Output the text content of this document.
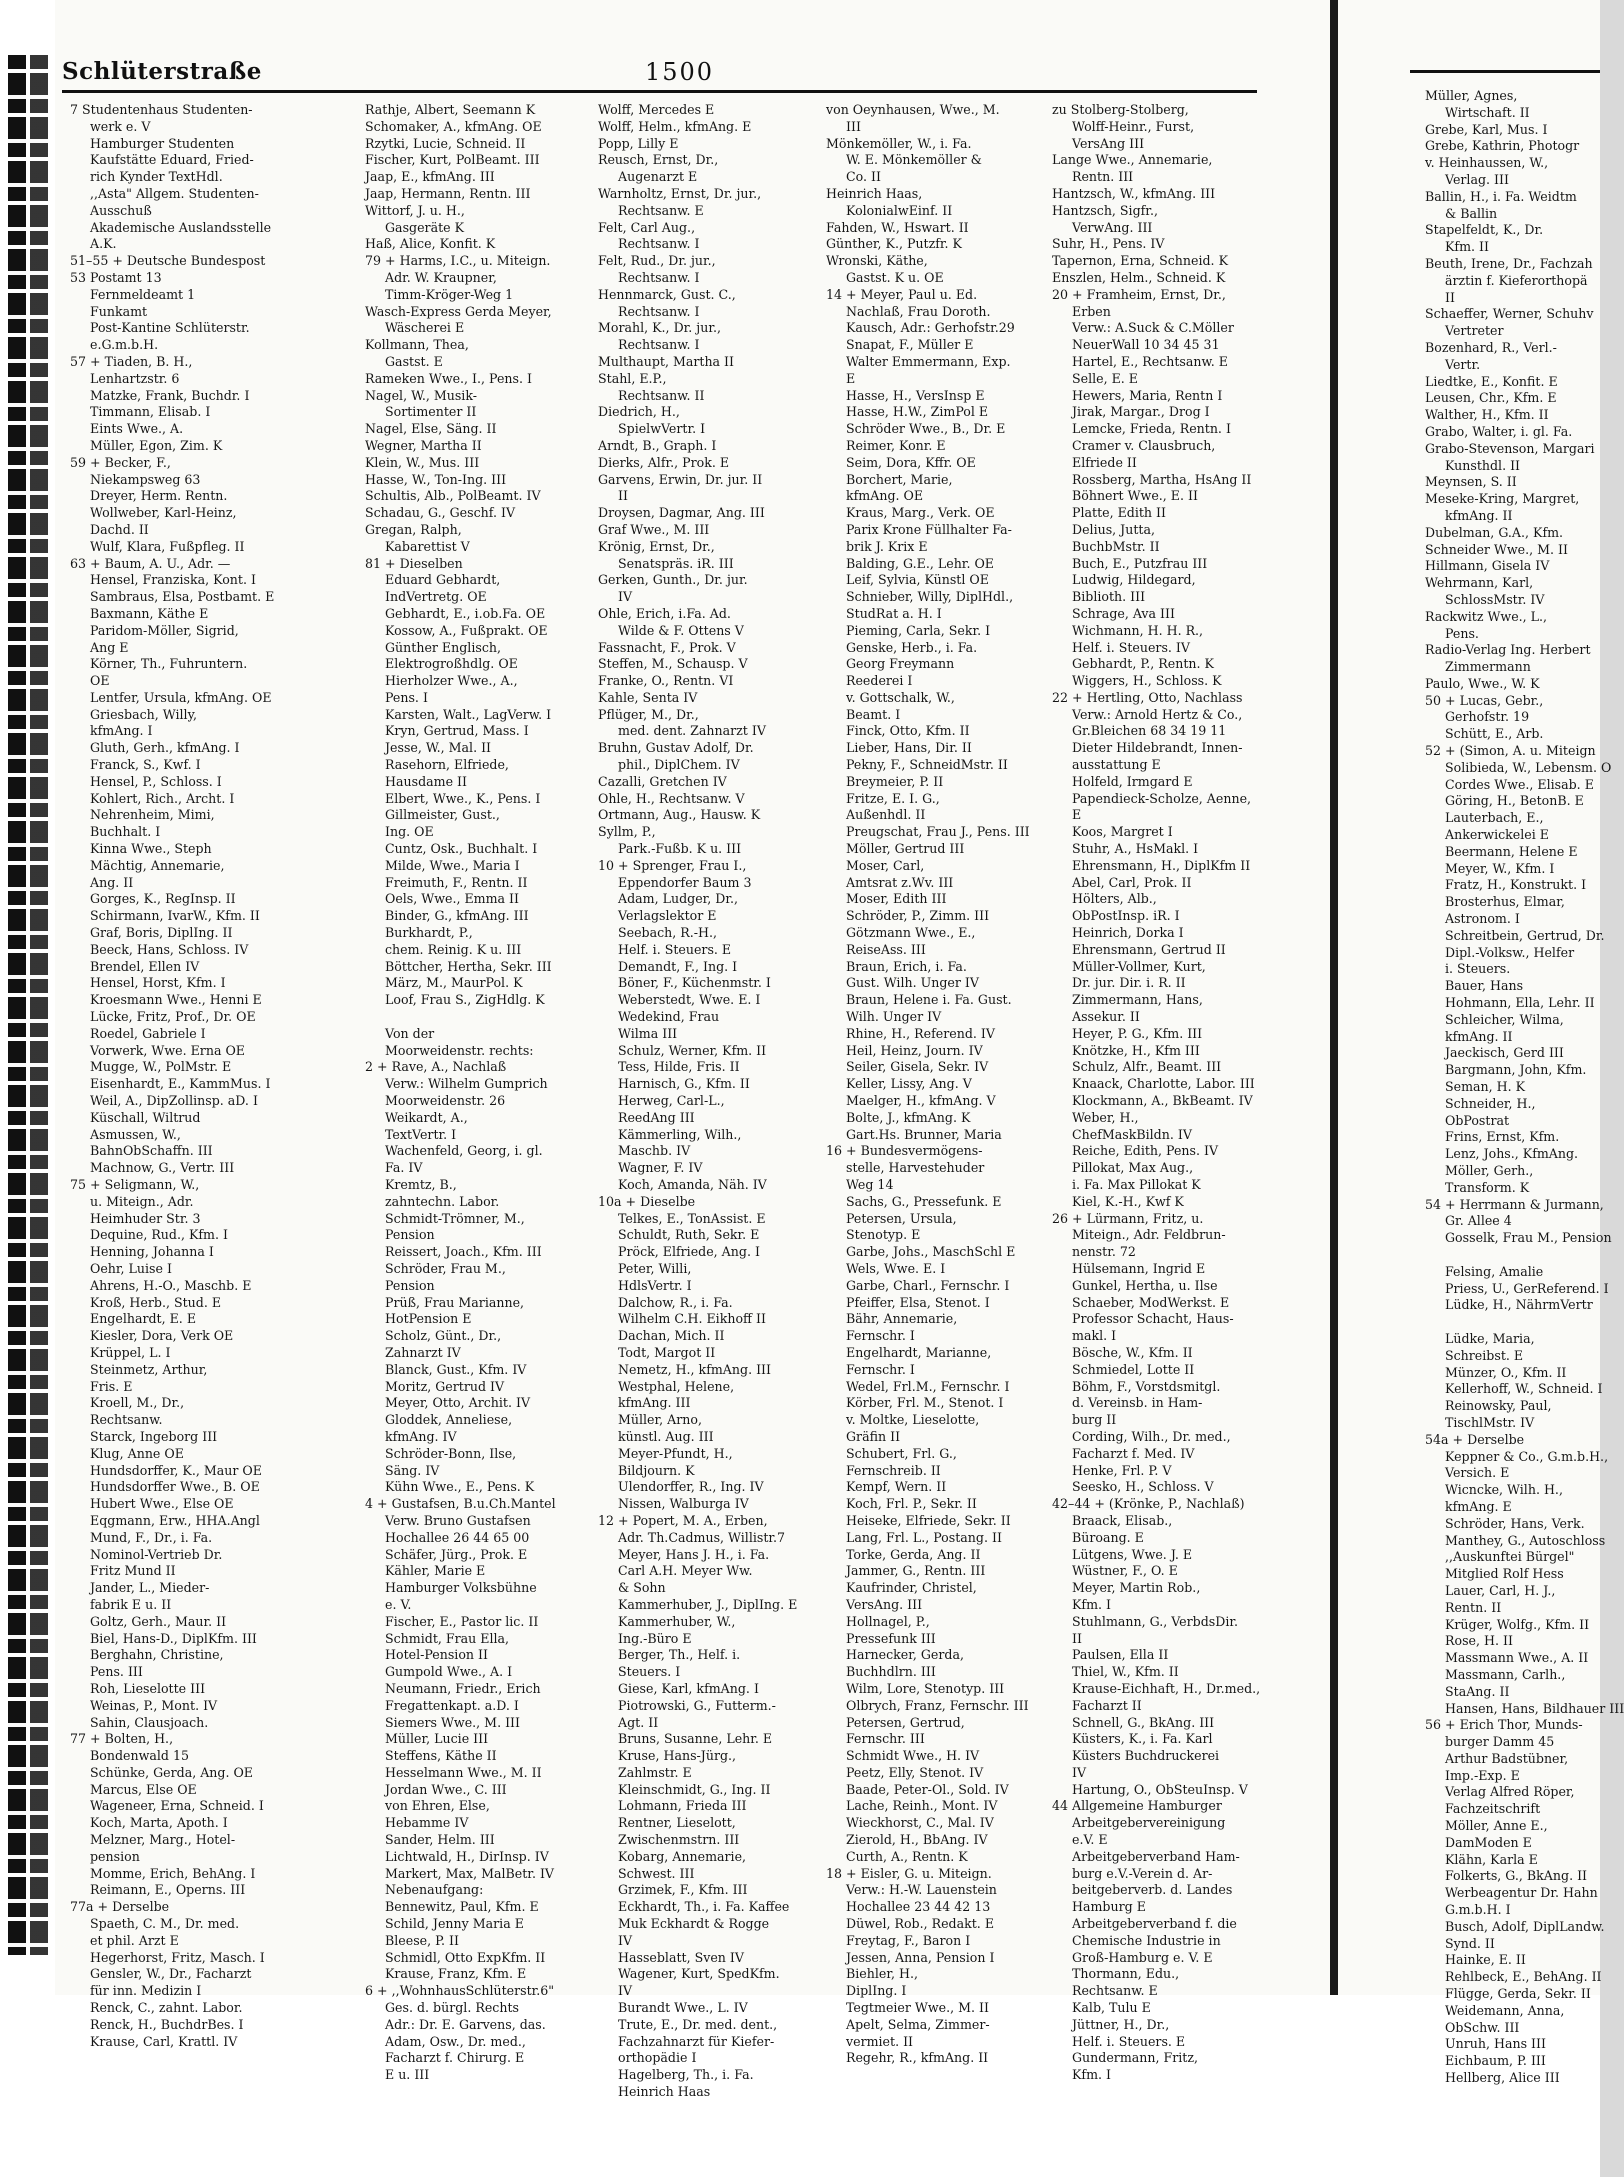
Schlüterstraße	1500
7 Studentenhaus Studenten-
werk e. V
Hamburger Studenten
Kaufstätte Eduard, Fried-
rich Kynder TextHdl.
,,Asta" Allgem. Studenten-
Ausschuß
Akademische Auslandsstelle
A.K.
51–55 + Deutsche Bundespost
53 Postamt 13
Fernmeldeamt 1
Funkamt
Post-Kantine Schlüterstr.
e.G.m.b.H.
57 + Tiaden, B. H.,
Lenhartzstr. 6
Matzke, Frank, Buchdr. I
Timmann, Elisab. I
Eints Wwe., A.
Müller, Egon, Zim. K
59 + Becker, F.,
Niekampsweg 63
Dreyer, Herm. Rentn.
Wollweber, Karl-Heinz,
Dachd. II
Wulf, Klara, Fußpfleg. II
63 + Baum, A. U., Adr. —
Hensel, Franziska, Kont. I
Sambraus, Elsa, Postbamt. E
Baxmann, Käthe E
Paridom-Möller, Sigrid,
Ang E
Körner, Th., Fuhruntern.
OE
Lentfer, Ursula, kfmAng. OE
Griesbach, Willy,
kfmAng. I
Gluth, Gerh., kfmAng. I
Franck, S., Kwf. I
Hensel, P., Schloss. I
Kohlert, Rich., Archt. I
Nehrenheim, Mimi,
Buchhalt. I
Kinna Wwe., Steph
Mächtig, Annemarie,
Ang. II
Gorges, K., RegInsp. II
Schirmann, IvarW., Kfm. II
Graf, Boris, DiplIng. II
Beeck, Hans, Schloss. IV
Brendel, Ellen IV
Hensel, Horst, Kfm. I
Kroesmann Wwe., Henni E
Lücke, Fritz, Prof., Dr. OE
Roedel, Gabriele I
Vorwerk, Wwe. Erna OE
Mugge, W., PolMstr. E
Eisenhardt, E., KammMus. I
Weil, A., DipZollinsp. aD. I
Küschall, Wiltrud
Asmussen, W.,
BahnObSchaffn. III
Machnow, G., Vertr. III
75 + Seligmann, W.,
u. Miteign., Adr.
Heimhuder Str. 3
Dequine, Rud., Kfm. I
Henning, Johanna I
Oehr, Luise I
Ahrens, H.-O., Maschb. E
Kroß, Herb., Stud. E
Engelhardt, E. E
Kiesler, Dora, Verk OE
Krüppel, L. I
Steinmetz, Arthur,
Fris. E
Kroell, M., Dr.,
Rechtsanw.
Starck, Ingeborg III
Klug, Anne OE
Hundsdorffer, K., Maur OE
Hundsdorffer Wwe., B. OE
Hubert Wwe., Else OE
Eqgmann, Erw., HHA.Angl
Mund, F., Dr., i. Fa.
Nominol-Vertrieb Dr.
Fritz Mund II
Jander, L., Mieder-
fabrik E u. II
Goltz, Gerh., Maur. II
Biel, Hans-D., DiplKfm. III
Berghahn, Christine,
Pens. III
Roh, Lieselotte III
Weinas, P., Mont. IV
Sahin, Clausjoach.
77 + Bolten, H.,
Bondenwald 15
Schünke, Gerda, Ang. OE
Marcus, Else OE
Wageneer, Erna, Schneid. I
Koch, Marta, Apoth. I
Melzner, Marg., Hotel-
pension
Momme, Erich, BehAng. I
Reimann, E., Operns. III
77a + Derselbe
Spaeth, C. M., Dr. med.
et phil. Arzt E
Hegerhorst, Fritz, Masch. I
Gensler, W., Dr., Facharzt
für inn. Medizin I
Renck, C., zahnt. Labor.
Renck, H., BuchdrBes. I
Krause, Carl, Krattl. IV
Rathje, Albert, Seemann K
Schomaker, A., kfmAng. OE
Rzytki, Lucie, Schneid. II
Fischer, Kurt, PolBeamt. III
Jaap, E., kfmAng. III
Jaap, Hermann, Rentn. III
Wittorf, J. u. H.,
Gasgeräte K
Haß, Alice, Konfit. K
79 + Harms, I.C., u. Miteign.
Adr. W. Kraupner,
Timm-Kröger-Weg 1
Wasch-Express Gerda Meyer,
Wäscherei E
Kollmann, Thea,
Gastst. E
Rameken Wwe., I., Pens. I
Nagel, W., Musik-
Sortimenter II
Nagel, Else, Säng. II
Wegner, Martha II
Klein, W., Mus. III
Hasse, W., Ton-Ing. III
Schultis, Alb., PolBeamt. IV
Schadau, G., Geschf. IV
Gregan, Ralph,
Kabarettist V
81 + Dieselben
Eduard Gebhardt,
IndVertretg. OE
Gebhardt, E., i.ob.Fa. OE
Kossow, A., Fußprakt. OE
Günther Englisch,
Elektrogroßhdlg. OE
Hierholzer Wwe., A.,
Pens. I
Karsten, Walt., LagVerw. I
Kryn, Gertrud, Mass. I
Jesse, W., Mal. II
Rasehorn, Elfriede,
Hausdame II
Elbert, Wwe., K., Pens. I
Gillmeister, Gust.,
Ing. OE
Cuntz, Osk., Buchhalt. I
Milde, Wwe., Maria I
Freimuth, F., Rentn. II
Oels, Wwe., Emma II
Binder, G., kfmAng. III
Burkhardt, P.,
chem. Reinig. K u. III
Böttcher, Hertha, Sekr. III
März, M., MaurPol. K
Loof, Frau S., ZigHdlg. K

Von der
Moorweidenstr. rechts:
2 + Rave, A., Nachlaß
Verw.: Wilhelm Gumprich
Moorweidenstr. 26
Weikardt, A.,
TextVertr. I
Wachenfeld, Georg, i. gl.
Fa. IV
Kremtz, B.,
zahntechn. Labor.
Schmidt-Trömner, M.,
Pension
Reissert, Joach., Kfm. III
Schröder, Frau M.,
Pension
Prüß, Frau Marianne,
HotPension E
Scholz, Günt., Dr.,
Zahnarzt IV
Blanck, Gust., Kfm. IV
Moritz, Gertrud IV
Meyer, Otto, Archit. IV
Gloddek, Anneliese,
kfmAng. IV
Schröder-Bonn, Ilse,
Säng. IV
Kühn Wwe., E., Pens. K
4 + Gustafsen, B.u.Ch.Mantel
Verw. Bruno Gustafsen
Hochallee 26 44 65 00
Schäfer, Jürg., Prok. E
Kähler, Marie E
Hamburger Volksbühne
e. V.
Fischer, E., Pastor lic. II
Schmidt, Frau Ella,
Hotel-Pension II
Gumpold Wwe., A. I
Neumann, Friedr., Erich
Fregattenkapt. a.D. I
Siemers Wwe., M. III
Müller, Lucie III
Steffens, Käthe II
Hesselmann Wwe., M. II
Jordan Wwe., C. III
von Ehren, Else,
Hebamme IV
Sander, Helm. III
Lichtwald, H., DirInsp. IV
Markert, Max, MalBetr. IV
Nebenaufgang:
Bennewitz, Paul, Kfm. E
Schild, Jenny Maria E
Bleese, P. II
Schmidl, Otto ExpKfm. II
Krause, Franz, Kfm. E
6 + ,,WohnhausSchlüterstr.6"
Ges. d. bürgl. Rechts
Adr.: Dr. E. Garvens, das.
Adam, Osw., Dr. med.,
Facharzt f. Chirurg. E
E u. III
Wolff, Mercedes E
Wolff, Helm., kfmAng. E
Popp, Lilly E
Reusch, Ernst, Dr.,
Augenarzt E
Warnholtz, Ernst, Dr. jur.,
Rechtsanw. E
Felt, Carl Aug.,
Rechtsanw. I
Felt, Rud., Dr. jur.,
Rechtsanw. I
Hennmarck, Gust. C.,
Rechtsanw. I
Morahl, K., Dr. jur.,
Rechtsanw. I
Multhaupt, Martha II
Stahl, E.P.,
Rechtsanw. II
Diedrich, H.,
SpielwVertr. I
Arndt, B., Graph. I
Dierks, Alfr., Prok. E
Garvens, Erwin, Dr. jur. II
II
Droysen, Dagmar, Ang. III
Graf Wwe., M. III
Krönig, Ernst, Dr.,
Senatspräs. iR. III
Gerken, Gunth., Dr. jur.
IV
Ohle, Erich, i.Fa. Ad.
Wilde & F. Ottens V
Fassnacht, F., Prok. V
Steffen, M., Schausp. V
Franke, O., Rentn. VI
Kahle, Senta IV
Pflüger, M., Dr.,
med. dent. Zahnarzt IV
Bruhn, Gustav Adolf, Dr.
phil., DiplChem. IV
Cazalli, Gretchen IV
Ohle, H., Rechtsanw. V
Ortmann, Aug., Hausw. K
Syllm, P.,
Park.-Fußb. K u. III
10 + Sprenger, Frau I.,
Eppendorfer Baum 3
Adam, Ludger, Dr.,
Verlagslektor E
Seebach, R.-H.,
Helf. i. Steuers. E
Demandt, F., Ing. I
Böner, F., Küchenmstr. I
Weberstedt, Wwe. E. I
Wedekind, Frau
Wilma III
Schulz, Werner, Kfm. II
Tess, Hilde, Fris. II
Harnisch, G., Kfm. II
Herweg, Carl-L.,
ReedAng III
Kämmerling, Wilh.,
Maschb. IV
Wagner, F. IV
Koch, Amanda, Näh. IV
10a + Dieselbe
Telkes, E., TonAssist. E
Schuldt, Ruth, Sekr. E
Pröck, Elfriede, Ang. I
Peter, Willi,
HdlsVertr. I
Dalchow, R., i. Fa.
Wilhelm C.H. Eikhoff II
Dachan, Mich. II
Todt, Margot II
Nemetz, H., kfmAng. III
Westphal, Helene,
kfmAng. III
Müller, Arno,
künstl. Aug. III
Meyer-Pfundt, H.,
Bildjourn. K
Ulendorffer, R., Ing. IV
Nissen, Walburga IV
12 + Popert, M. A., Erben,
Adr. Th.Cadmus, Willistr.7
Meyer, Hans J. H., i. Fa.
Carl A.H. Meyer Ww.
& Sohn
Kammerhuber, J., DiplIng. E
Kammerhuber, W.,
Ing.-Büro E
Berger, Th., Helf. i.
Steuers. I
Giese, Karl, kfmAng. I
Piotrowski, G., Futterm.-
Agt. II
Bruns, Susanne, Lehr. E
Kruse, Hans-Jürg.,
Zahlmstr. E
Kleinschmidt, G., Ing. II
Lohmann, Frieda III
Rentner, Lieselott,
Zwischenmstrn. III
Kobarg, Annemarie,
Schwest. III
Grzimek, F., Kfm. III
Eckhardt, Th., i. Fa. Kaffee
Muk Eckhardt & Rogge
IV
Hasseblatt, Sven IV
Wagener, Kurt, SpedKfm.
IV
Burandt Wwe., L. IV
Trute, E., Dr. med. dent.,
Fachzahnarzt für Kiefer-
orthopädie I
Hagelberg, Th., i. Fa.
Heinrich Haas
von Oeynhausen, Wwe., M.
III
Mönkemöller, W., i. Fa.
W. E. Mönkemöller &
Co. II
Heinrich Haas,
KolonialwEinf. II
Fahden, W., Hswart. II
Günther, K., Putzfr. K
Wronski, Käthe,
Gastst. K u. OE
14 + Meyer, Paul u. Ed.
Nachlaß, Frau Doroth.
Kausch, Adr.: Gerhofstr.29
Snapat, F., Müller E
Walter Emmermann, Exp.
E
Hasse, H., VersInsp E
Hasse, H.W., ZimPol E
Schröder Wwe., B., Dr. E
Reimer, Konr. E
Seim, Dora, Kffr. OE
Borchert, Marie,
kfmAng. OE
Kraus, Marg., Verk. OE
Parix Krone Füllhalter Fa-
brik J. Krix E
Balding, G.E., Lehr. OE
Leif, Sylvia, Künstl OE
Schnieber, Willy, DiplHdl.,
StudRat a. H. I
Pieming, Carla, Sekr. I
Genske, Herb., i. Fa.
Georg Freymann
Reederei I
v. Gottschalk, W.,
Beamt. I
Finck, Otto, Kfm. II
Lieber, Hans, Dir. II
Pekny, F., SchneidMstr. II
Breymeier, P. II
Fritze, E. I. G.,
Außenhdl. II
Preugschat, Frau J., Pens. III
Möller, Gertrud III
Moser, Carl,
Amtsrat z.Wv. III
Moser, Edith III
Schröder, P., Zimm. III
Götzmann Wwe., E.,
ReiseAss. III
Braun, Erich, i. Fa.
Gust. Wilh. Unger IV
Braun, Helene i. Fa. Gust.
Wilh. Unger IV
Rhine, H., Referend. IV
Heil, Heinz, Journ. IV
Seiler, Gisela, Sekr. IV
Keller, Lissy, Ang. V
Maelger, H., kfmAng. V
Bolte, J., kfmAng. K
Gart.Hs. Brunner, Maria
16 + Bundesvermögens-
stelle, Harvestehuder
Weg 14
Sachs, G., Pressefunk. E
Petersen, Ursula,
Stenotyp. E
Garbe, Johs., MaschSchl E
Wels, Wwe. E. I
Garbe, Charl., Fernschr. I
Pfeiffer, Elsa, Stenot. I
Bähr, Annemarie,
Fernschr. I
Engelhardt, Marianne,
Fernschr. I
Wedel, Frl.M., Fernschr. I
Körber, Frl. M., Stenot. I
v. Moltke, Lieselotte,
Gräfin II
Schubert, Frl. G.,
Fernschreib. II
Kempf, Wern. II
Koch, Frl. P., Sekr. II
Heiseke, Elfriede, Sekr. II
Lang, Frl. L., Postang. II
Torke, Gerda, Ang. II
Jammer, G., Rentn. III
Kaufrinder, Christel,
VersAng. III
Hollnagel, P.,
Pressefunk III
Harnecker, Gerda,
Buchhdlrn. III
Wilm, Lore, Stenotyp. III
Olbrych, Franz, Fernschr. III
Petersen, Gertrud,
Fernschr. III
Schmidt Wwe., H. IV
Peetz, Elly, Stenot. IV
Baade, Peter-Ol., Sold. IV
Lache, Reinh., Mont. IV
Wieckhorst, C., Mal. IV
Zierold, H., BbAng. IV
Curth, A., Rentn. K
18 + Eisler, G. u. Miteign.
Verw.: H.-W. Lauenstein
Hochallee 23 44 42 13
Düwel, Rob., Redakt. E
Freytag, F., Baron I
Jessen, Anna, Pension I
Biehler, H.,
DiplIng. I
Tegtmeier Wwe., M. II
Apelt, Selma, Zimmer-
vermiet. II
Regehr, R., kfmAng. II
zu Stolberg-Stolberg,
Wolff-Heinr., Furst,
VersAng III
Lange Wwe., Annemarie,
Rentn. III
Hantzsch, W., kfmAng. III
Hantzsch, Sigfr.,
VerwAng. III
Suhr, H., Pens. IV
Tapernon, Erna, Schneid. K
Enszlen, Helm., Schneid. K
20 + Framheim, Ernst, Dr.,
Erben
Verw.: A.Suck & C.Möller
NeuerWall 10 34 45 31
Hartel, E., Rechtsanw. E
Selle, E. E
Hewers, Maria, Rentn I
Jirak, Margar., Drog I
Lemcke, Frieda, Rentn. I
Cramer v. Clausbruch,
Elfriede II
Rossberg, Martha, HsAng II
Böhnert Wwe., E. II
Platte, Edith II
Delius, Jutta,
BuchbMstr. II
Buch, E., Putzfrau III
Ludwig, Hildegard,
Biblioth. III
Schrage, Ava III
Wichmann, H. H. R.,
Helf. i. Steuers. IV
Gebhardt, P., Rentn. K
Wiggers, H., Schloss. K
22 + Hertling, Otto, Nachlass
Verw.: Arnold Hertz & Co.,
Gr.Bleichen 68 34 19 11
Dieter Hildebrandt, Innen-
ausstattung E
Holfeld, Irmgard E
Papendieck-Scholze, Aenne,
E
Koos, Margret I
Stuhr, A., HsMakl. I
Ehrensmann, H., DiplKfm II
Abel, Carl, Prok. II
Hölters, Alb.,
ObPostInsp. iR. I
Heinrich, Dorka I
Ehrensmann, Gertrud II
Müller-Vollmer, Kurt,
Dr. jur. Dir. i. R. II
Zimmermann, Hans,
Assekur. II
Heyer, P. G., Kfm. III
Knötzke, H., Kfm III
Schulz, Alfr., Beamt. III
Knaack, Charlotte, Labor. III
Klockmann, A., BkBeamt. IV
Weber, H.,
ChefMaskBildn. IV
Reiche, Edith, Pens. IV
Pillokat, Max Aug.,
i. Fa. Max Pillokat K
Kiel, K.-H., Kwf K
26 + Lürmann, Fritz, u.
Miteign., Adr. Feldbrun-
nenstr. 72
Hülsemann, Ingrid E
Gunkel, Hertha, u. Ilse
Schaeber, ModWerkst. E
Professor Schacht, Haus-
makl. I
Bösche, W., Kfm. II
Schmiedel, Lotte II
Böhm, F., Vorstdsmitgl.
d. Vereinsb. in Ham-
burg II
Cording, Wilh., Dr. med.,
Facharzt f. Med. IV
Henke, Frl. P. V
Seesko, H., Schloss. V
42–44 + (Krönke, P., Nachlaß)
Braack, Elisab.,
Büroang. E
Lütgens, Wwe. J. E
Wüstner, F., O. E
Meyer, Martin Rob.,
Kfm. I
Stuhlmann, G., VerbdsDir.
II
Paulsen, Ella II
Thiel, W., Kfm. II
Krause-Eichhaft, H., Dr.med.,
Facharzt II
Schnell, G., BkAng. III
Küsters, K., i. Fa. Karl
Küsters Buchdruckerei
IV
Hartung, O., ObSteuInsp. V
44 Allgemeine Hamburger
Arbeitgebervereinigung
e.V. E
Arbeitgeberverband Ham-
burg e.V.-Verein d. Ar-
beitgeberverb. d. Landes
Hamburg E
Arbeitgeberverband f. die
Chemische Industrie in
Groß-Hamburg e. V. E
Thormann, Edu.,
Rechtsanw. E
Kalb, Tulu E
Jüttner, H., Dr.,
Helf. i. Steuers. E
Gundermann, Fritz,
Kfm. I
Müller, Agnes,
Wirtschaft. II
Grebe, Karl, Mus. I
Grebe, Kathrin, Photogr
v. Heinhaussen, W.,
Verlag. III
Ballin, H., i. Fa. Weidtm
& Ballin
Stapelfeldt, K., Dr.
Kfm. II
Beuth, Irene, Dr., Fachzah
ärztin f. Kieferorthopä
II
Schaeffer, Werner, Schuhv
Vertreter
Bozenhard, R., Verl.-
Vertr.
Liedtke, E., Konfit. E
Leusen, Chr., Kfm. E
Walther, H., Kfm. II
Grabo, Walter, i. gl. Fa.
Grabo-Stevenson, Margari
Kunsthdl. II
Meynsen, S. II
Meseke-Kring, Margret,
kfmAng. II
Dubelman, G.A., Kfm.
Schneider Wwe., M. II
Hillmann, Gisela IV
Wehrmann, Karl,
SchlossMstr. IV
Rackwitz Wwe., L.,
Pens.
Radio-Verlag Ing. Herbert
Zimmermann
Paulo, Wwe., W. K
50 + Lucas, Gebr.,
Gerhofstr. 19
Schütt, E., Arb.
52 + (Simon, A. u. Miteign
Solibieda, W., Lebensm. O
Cordes Wwe., Elisab. E
Göring, H., BetonB. E
Lauterbach, E.,
Ankerwickelei E
Beermann, Helene E
Meyer, W., Kfm. I
Fratz, H., Konstrukt. I
Brosterhus, Elmar,
Astronom. I
Schreitbein, Gertrud, Dr.
Dipl.-Volksw., Helfer
i. Steuers.
Bauer, Hans
Hohmann, Ella, Lehr. II
Schleicher, Wilma,
kfmAng. II
Jaeckisch, Gerd III
Bargmann, John, Kfm.
Seman, H. K
Schneider, H.,
ObPostrat
Frins, Ernst, Kfm.
Lenz, Johs., KfmAng.
Möller, Gerh.,
Transform. K
54 + Herrmann & Jurmann,
Gr. Allee 4
Gosselk, Frau M., Pension

Felsing, Amalie
Priess, U., GerReferend. I
Lüdke, H., NährmVertr

Lüdke, Maria,
Schreibst. E
Münzer, O., Kfm. II
Kellerhoff, W., Schneid. I
Reinowsky, Paul,
TischlMstr. IV
54a + Derselbe
Keppner & Co., G.m.b.H.,
Versich. E
Wicncke, Wilh. H.,
kfmAng. E
Schröder, Hans, Verk.
Manthey, G., Autoschloss
,,Auskunftei Bürgel"
Mitglied Rolf Hess
Lauer, Carl, H. J.,
Rentn. II
Krüger, Wolfg., Kfm. II
Rose, H. II
Massmann Wwe., A. II
Massmann, Carlh.,
StaAng. II
Hansen, Hans, Bildhauer III
56 + Erich Thor, Munds-
burger Damm 45
Arthur Badstübner,
Imp.-Exp. E
Verlag Alfred Röper,
Fachzeitschrift
Möller, Anne E.,
DamModen E
Klähn, Karla E
Folkerts, G., BkAng. II
Werbeagentur Dr. Hahn
G.m.b.H. I
Busch, Adolf, DiplLandw.
Synd. II
Hainke, E. II
Rehlbeck, E., BehAng. II
Flügge, Gerda, Sekr. II
Weidemann, Anna,
ObSchw. III
Unruh, Hans III
Eichbaum, P. III
Hellberg, Alice III
